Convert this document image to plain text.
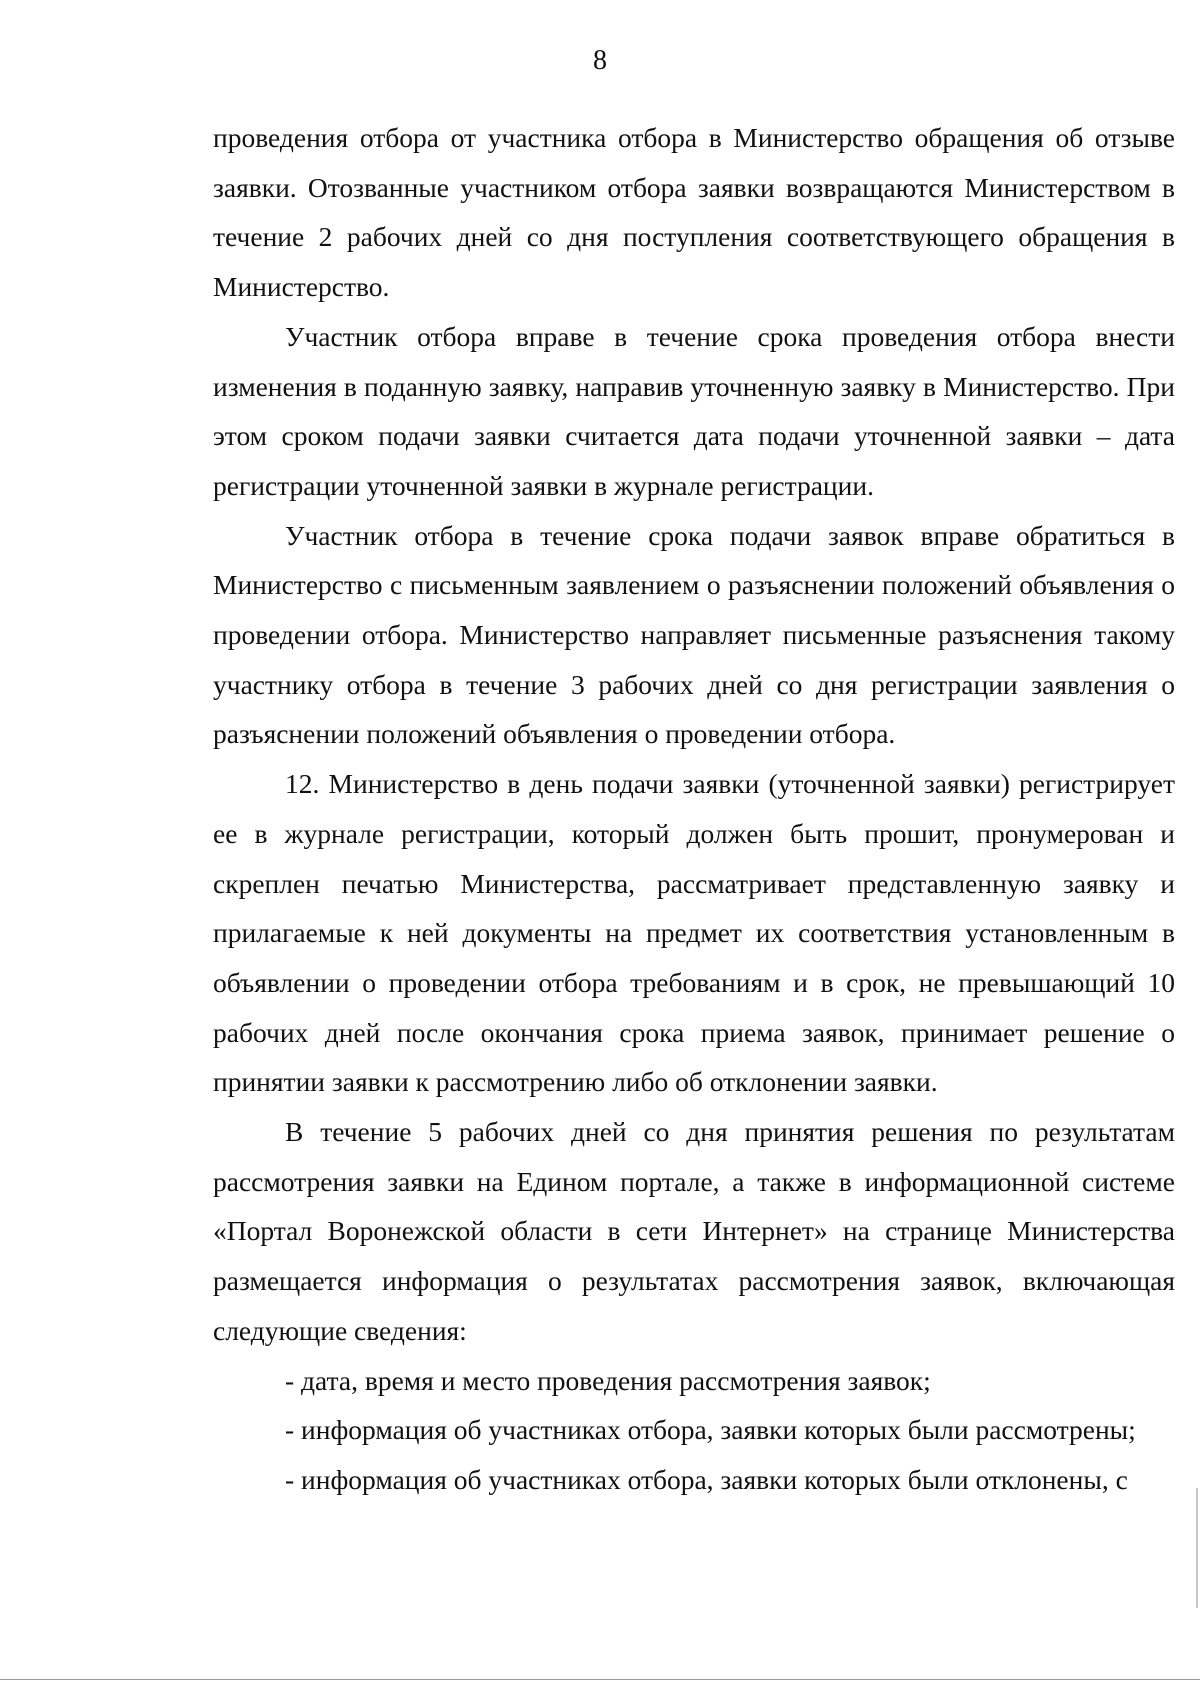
8

проведения отбора от участника отбора в Министерство обращения об отзыве заявки. Отозванные участником отбора заявки возвращаются Министерством в течение 2 рабочих дней со дня поступления соответствующего обращения в Министерство.

Участник отбора вправе в течение срока проведения отбора внести изменения в поданную заявку, направив уточненную заявку в Министерство. При этом сроком подачи заявки считается дата подачи уточненной заявки – дата регистрации уточненной заявки в журнале регистрации.

Участник отбора в течение срока подачи заявок вправе обратиться в Министерство с письменным заявлением о разъяснении положений объявления о проведении отбора. Министерство направляет письменные разъяснения такому участнику отбора в течение 3 рабочих дней со дня регистрации заявления о разъяснении положений объявления о проведении отбора.

12. Министерство в день подачи заявки (уточненной заявки) регистрирует ее в журнале регистрации, который должен быть прошит, пронумерован и скреплен печатью Министерства, рассматривает представленную заявку и прилагаемые к ней документы на предмет их соответствия установленным в объявлении о проведении отбора требованиям и в срок, не превышающий 10 рабочих дней после окончания срока приема заявок, принимает решение о принятии заявки к рассмотрению либо об отклонении заявки.

В течение 5 рабочих дней со дня принятия решения по результатам рассмотрения заявки на Едином портале, а также в информационной системе «Портал Воронежской области в сети Интернет» на странице Министерства размещается информация о результатах рассмотрения заявок, включающая следующие сведения:

- дата, время и место проведения рассмотрения заявок;

- информация об участниках отбора, заявки которых были рассмотрены;

- информация об участниках отбора, заявки которых были отклонены, с
